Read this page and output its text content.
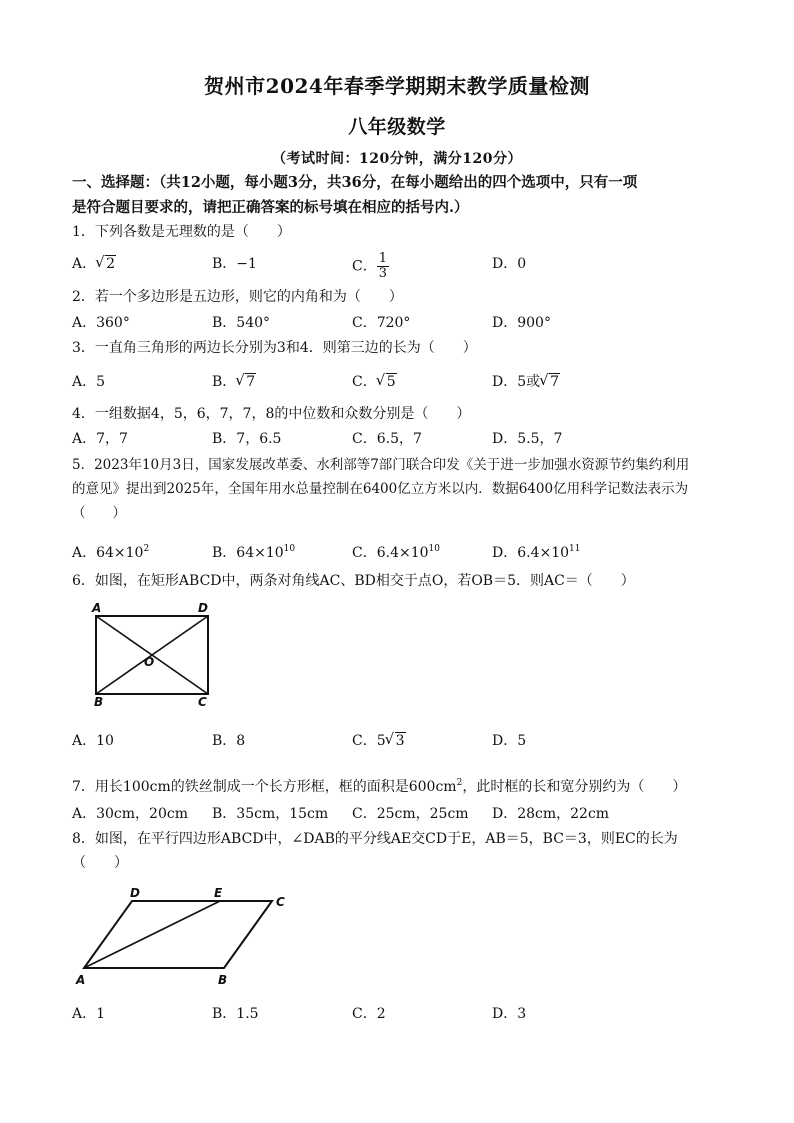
贺州市2024年春季学期期末教学质量检测
八年级数学
（考试时间：120分钟，满分120分）
一、选择题：（共12小题，每小题3分，共36分，在每小题给出的四个选项中，只有一项
是符合题目要求的，请把正确答案的标号填在相应的括号内.）
1．下列各数是无理数的是（　　）
A． √ 2	B．−1	C． $\frac{1}{3}$	D．0
2．若一个多边形是五边形，则它的内角和为（　　）
A．360°	B．540°	C．720°	D．900°
3．一直角三角形的两边长分别为3和4．则第三边的长为（　　）
A．5	B． √ 7	C． √ 5	D．5或 √ 7
4．一组数据4，5，6，7，7，8的中位数和众数分别是（　　）
A．7，7	B．7，6.5	C．6.5，7	D．5.5，7
5．2023年10月3日，国家发展改革委、水利部等7部门联合印发《关于进一步加强水资源节约集约利用
的意见》提出到2025年，全国年用水总量控制在6400亿立方米以内．数据6400亿用科学记数法表示为
（　　）
A．$64\times 10^2$	B．$64\times 10^{10}$	C．$6.4\times 10^{10}$	D．$6.4\times 10^{11}$
6．如图，在矩形ABCD中，两条对角线AC、BD相交于点O，若OB＝5．则AC＝（　　）
A	D
B	C
O
A．10	B．8	C．5 √ 3	D．5
7．用长100cm的铁丝制成一个长方形框，框的面积是$600cm^2$，此时框的长和宽分别约为（　　）
A．30cm，20cm B．35cm，15cm C．25cm，25cm D．28cm，22cm
8．如图，在平行四边形ABCD中，∠DAB的平分线AE交CD于E，AB＝5，BC＝3，则EC的长为
（　　）
D	E
C
A	B
A．1	B．1.5	C．2	D．3
